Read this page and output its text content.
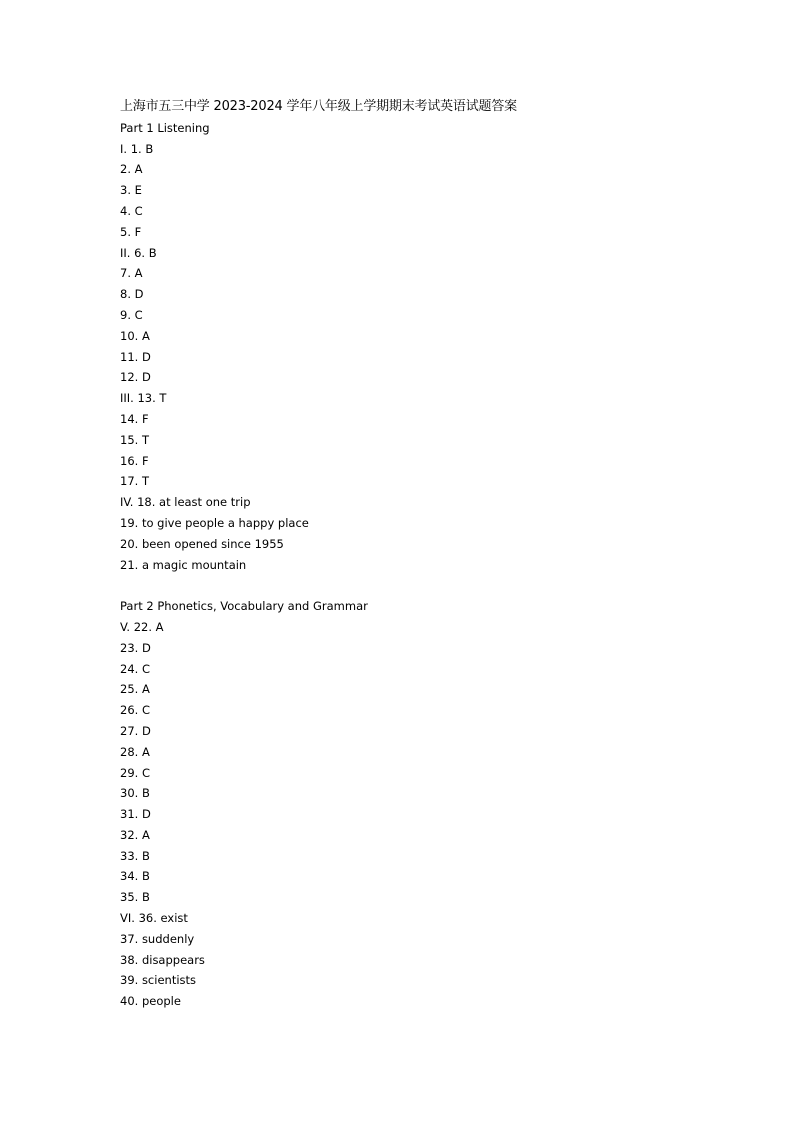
上海市五三中学 2023-2024 学年八年级上学期期末考试英语试题答案
Part 1 Listening
I. 1. B
2. A
3. E
4. C
5. F
II. 6. B
7. A
8. D
9. C
10. A
11. D
12. D
III. 13. T
14. F
15. T
16. F
17. T
IV. 18. at least one trip
19. to give people a happy place
20. been opened since 1955
21. a magic mountain
Part 2 Phonetics, Vocabulary and Grammar
V. 22. A
23. D
24. C
25. A
26. C
27. D
28. A
29. C
30. B
31. D
32. A
33. B
34. B
35. B
VI. 36. exist
37. suddenly
38. disappears
39. scientists
40. people
